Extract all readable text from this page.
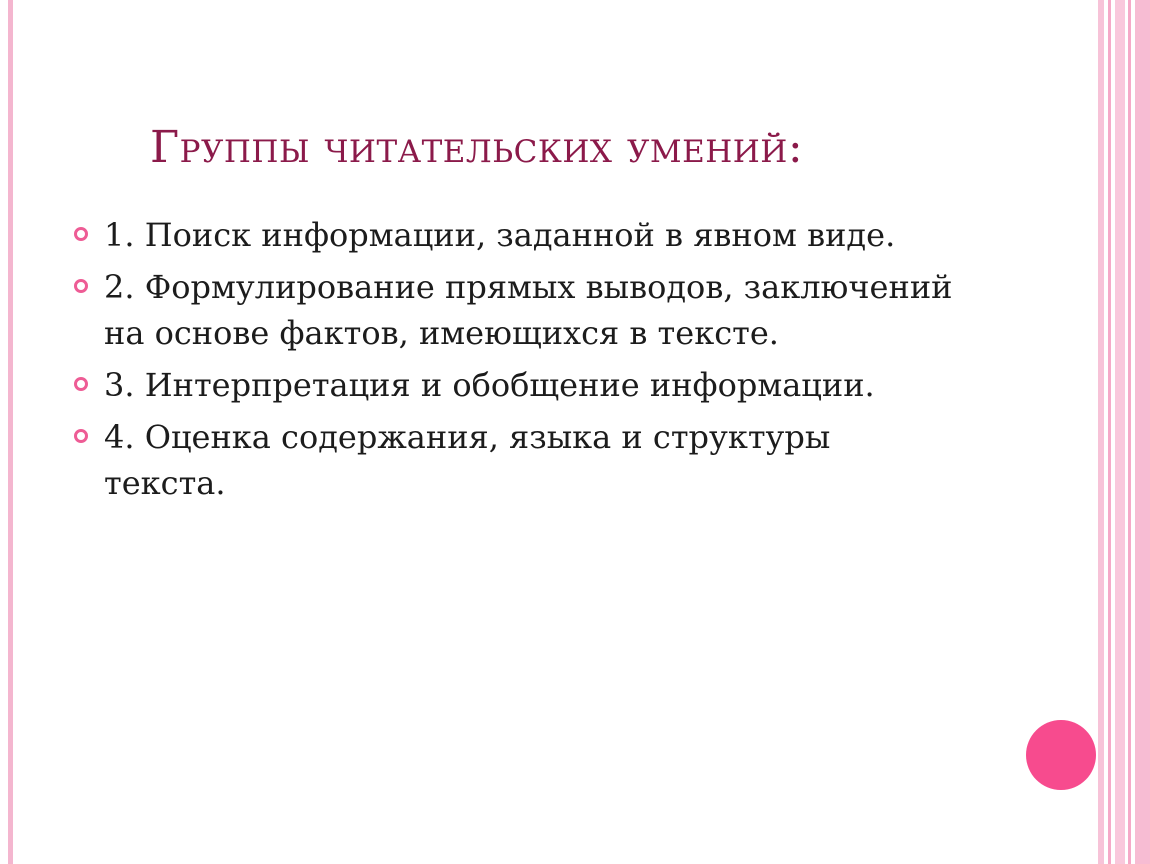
Группы читательских умений:
1. Поиск информации, заданной в явном виде.
2. Формулирование прямых выводов, заключений на основе фактов, имеющихся в тексте.
3. Интерпретация и обобщение информации.
4. Оценка содержания, языка и структуры текста.
